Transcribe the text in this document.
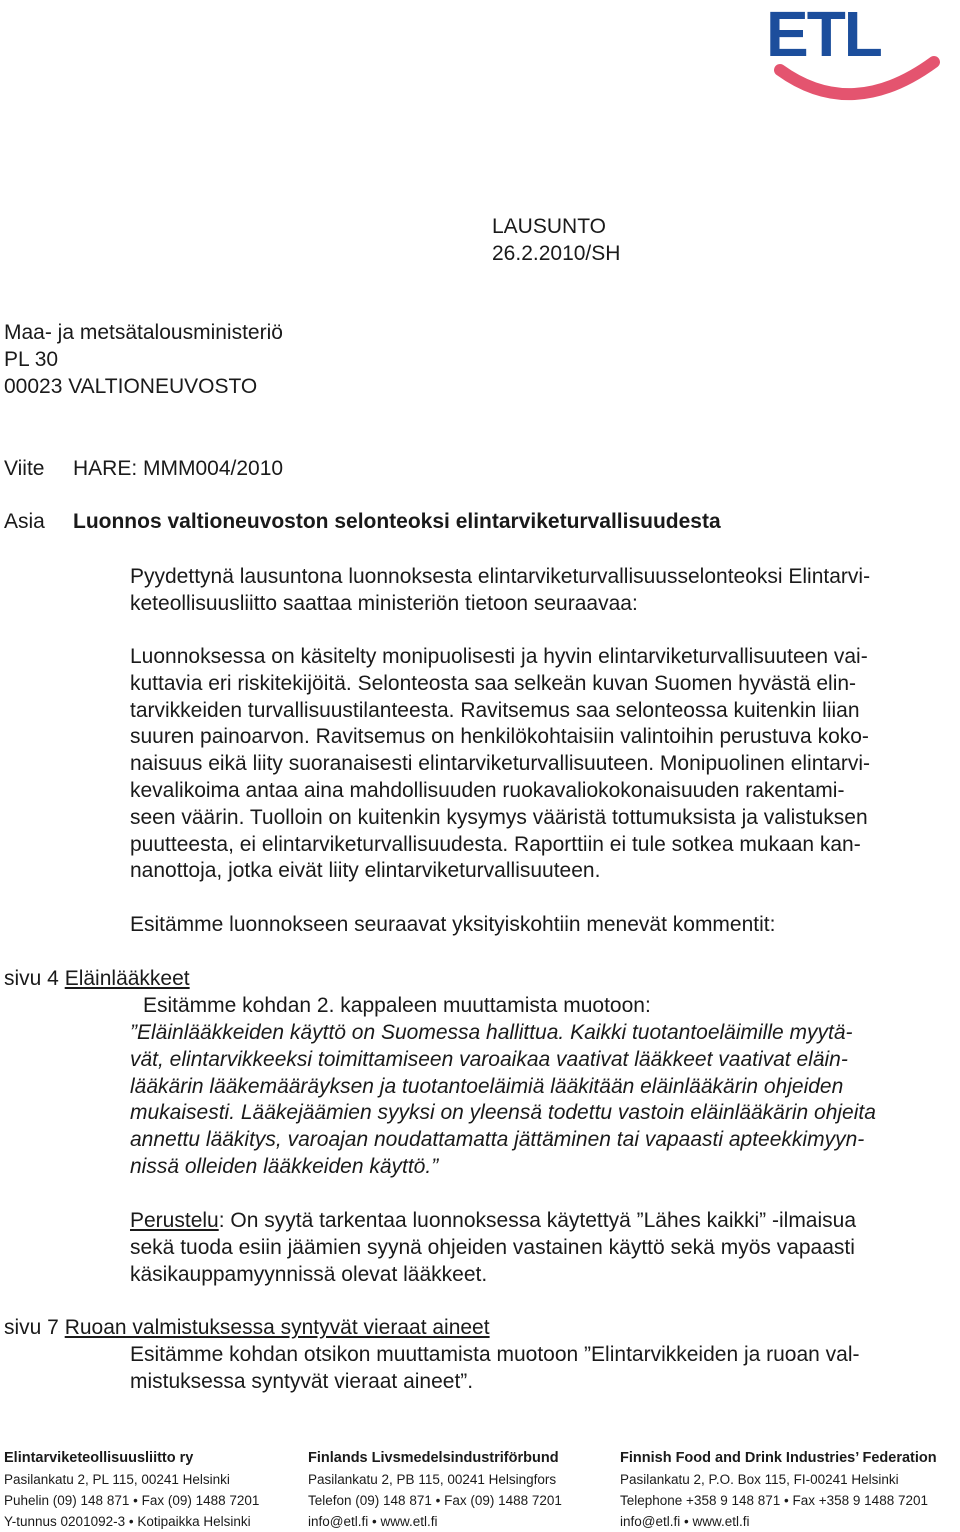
ETL
LAUSUNTO
26.2.2010/SH
Maa- ja metsätalousministeriö
PL 30
00023 VALTIONEUVOSTO
Viite HARE: MMM004/2010
Asia Luonnos valtioneuvoston selonteoksi elintarviketurvallisuudesta
Pyydettynä lausuntona luonnoksesta elintarviketurvallisuusselonteoksi Elintarvi-
keteollisuusliitto saattaa ministeriön tietoon seuraavaa:
Luonnoksessa on käsitelty monipuolisesti ja hyvin elintarviketurvallisuuteen vai-
kuttavia eri riskitekijöitä. Selonteosta saa selkeän kuvan Suomen hyvästä elin-
tarvikkeiden turvallisuustilanteesta. Ravitsemus saa selonteossa kuitenkin liian
suuren painoarvon. Ravitsemus on henkilökohtaisiin valintoihin perustuva koko-
naisuus eikä liity suoranaisesti elintarviketurvallisuuteen. Monipuolinen elintarvi-
kevalikoima antaa aina mahdollisuuden ruokavaliokokonaisuuden rakentami-
seen väärin. Tuolloin on kuitenkin kysymys vääristä tottumuksista ja valistuksen
puutteesta, ei elintarviketurvallisuudesta. Raporttiin ei tule sotkea mukaan kan-
nanottoja, jotka eivät liity elintarviketurvallisuuteen.
Esitämme luonnokseen seuraavat yksityiskohtiin menevät kommentit:
sivu 4 Eläinlääkkeet
Esitämme kohdan 2. kappaleen muuttamista muotoon:
”Eläinlääkkeiden käyttö on Suomessa hallittua. Kaikki tuotantoeläimille myytä-
vät, elintarvikkeeksi toimittamiseen varoaikaa vaativat lääkkeet vaativat eläin-
lääkärin lääkemääräyksen ja tuotantoeläimiä lääkitään eläinlääkärin ohjeiden
mukaisesti. Lääkejäämien syyksi on yleensä todettu vastoin eläinlääkärin ohjeita
annettu lääkitys, varoajan noudattamatta jättäminen tai vapaasti apteekkimyyn-
nissä olleiden lääkkeiden käyttö.”
Perustelu: On syytä tarkentaa luonnoksessa käytettyä ”Lähes kaikki” -ilmaisua
sekä tuoda esiin jäämien syynä ohjeiden vastainen käyttö sekä myös vapaasti
käsikauppamyynnissä olevat lääkkeet.
sivu 7 Ruoan valmistuksessa syntyvät vieraat aineet
Esitämme kohdan otsikon muuttamista muotoon ”Elintarvikkeiden ja ruoan val-
mistuksessa syntyvät vieraat aineet”.
Elintarviketeollisuusliitto ry
Pasilankatu 2, PL 115, 00241 Helsinki
Puhelin (09) 148 871 • Fax (09) 1488 7201
Y-tunnus 0201092-3 • Kotipaikka Helsinki
Finlands Livsmedelsindustriförbund
Pasilankatu 2, PB 115, 00241 Helsingfors
Telefon (09) 148 871 • Fax (09) 1488 7201
info@etl.fi • www.etl.fi
Finnish Food and Drink Industries’ Federation
Pasilankatu 2, P.O. Box 115, FI-00241 Helsinki
Telephone +358 9 148 871 • Fax +358 9 1488 7201
info@etl.fi • www.etl.fi
